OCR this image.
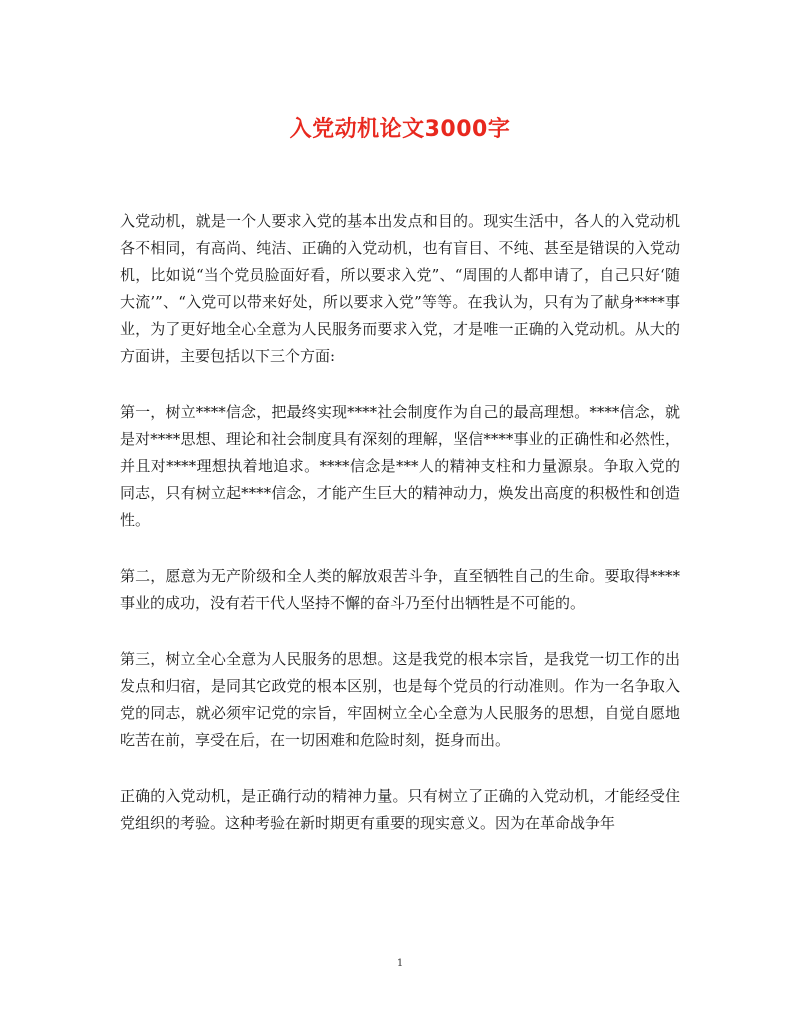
入党动机论文3000字

入党动机，就是一个人要求入党的基本出发点和目的。现实生活中，各人的入党动机各不相同，有高尚、纯洁、正确的入党动机，也有盲目、不纯、甚至是错误的入党动机，比如说“当个党员脸面好看，所以要求入党”、“周围的人都申请了，自己只好‘随大流’”、“入党可以带来好处，所以要求入党”等等。在我认为，只有为了献身****事业，为了更好地全心全意为人民服务而要求入党，才是唯一正确的入党动机。从大的方面讲，主要包括以下三个方面:

第一，树立****信念，把最终实现****社会制度作为自己的最高理想。****信念，就是对****思想、理论和社会制度具有深刻的理解，坚信****事业的正确性和必然性，并且对****理想执着地追求。****信念是***人的精神支柱和力量源泉。争取入党的同志，只有树立起****信念，才能产生巨大的精神动力，焕发出高度的积极性和创造性。

第二，愿意为无产阶级和全人类的解放艰苦斗争，直至牺牲自己的生命。要取得****事业的成功，没有若干代人坚持不懈的奋斗乃至付出牺牲是不可能的。

第三，树立全心全意为人民服务的思想。这是我党的根本宗旨，是我党一切工作的出发点和归宿，是同其它政党的根本区别，也是每个党员的行动准则。作为一名争取入党的同志，就必须牢记党的宗旨，牢固树立全心全意为人民服务的思想，自觉自愿地吃苦在前，享受在后，在一切困难和危险时刻，挺身而出。

正确的入党动机，是正确行动的精神力量。只有树立了正确的入党动机，才能经受住党组织的考验。这种考验在新时期更有重要的现实意义。因为在革命战争年

1
